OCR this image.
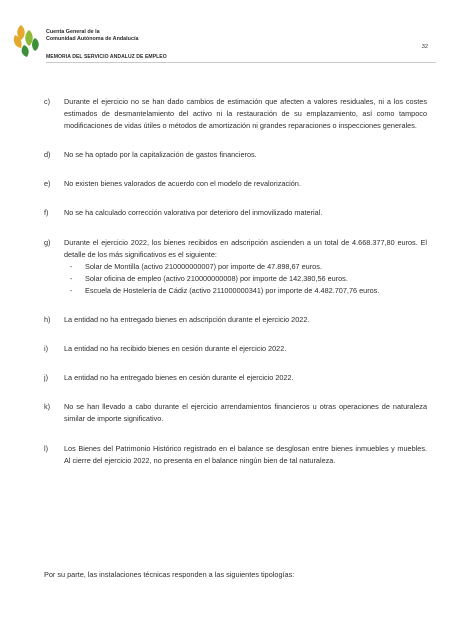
Cuenta General de la
Comunidad Autónoma de Andalucía
32
MEMORIA DEL SERVICIO ANDALUZ DE EMPLEO
c)	Durante el ejercicio no se han dado cambios de estimación que afecten a valores residuales, ni a los costes estimados de desmantelamiento del activo ni la restauración de su emplazamiento, así como tampoco modificaciones de vidas útiles o métodos de amortización ni grandes reparaciones o inspecciones generales.
d)	No se ha optado por la capitalización de gastos financieros.
e)	No existen bienes valorados de acuerdo con el modelo de revalorización.
f)	No se ha calculado corrección valorativa por deterioro del inmovilizado material.
g)	Durante el ejercicio 2022, los bienes recibidos en adscripción ascienden a un total de 4.668.377,80 euros. El detalle de los más significativos es el siguiente:
-	Solar de Montilla (activo 210000000007) por importe de 47.898,67 euros.
-	Solar oficina de empleo (activo 210000000008) por importe de 142.380,56 euros.
-	Escuela de Hostelería de Cádiz (activo 211000000341) por importe de 4.482.707,76 euros.
h)	La entidad no ha entregado bienes en adscripción durante el ejercicio 2022.
i)	La entidad no ha recibido bienes en cesión durante el ejercicio 2022.
j)	La entidad no ha entregado bienes en cesión durante el ejercicio 2022.
k)	No se han llevado a cabo durante el ejercicio arrendamientos financieros u otras operaciones de naturaleza similar de importe significativo.
l)	Los Bienes del Patrimonio Histórico registrado en el balance se desglosan entre bienes inmuebles y muebles. Al cierre del ejercicio 2022, no presenta en el balance ningún bien de tal naturaleza.
Por su parte, las instalaciones técnicas responden a las siguientes tipologías:
